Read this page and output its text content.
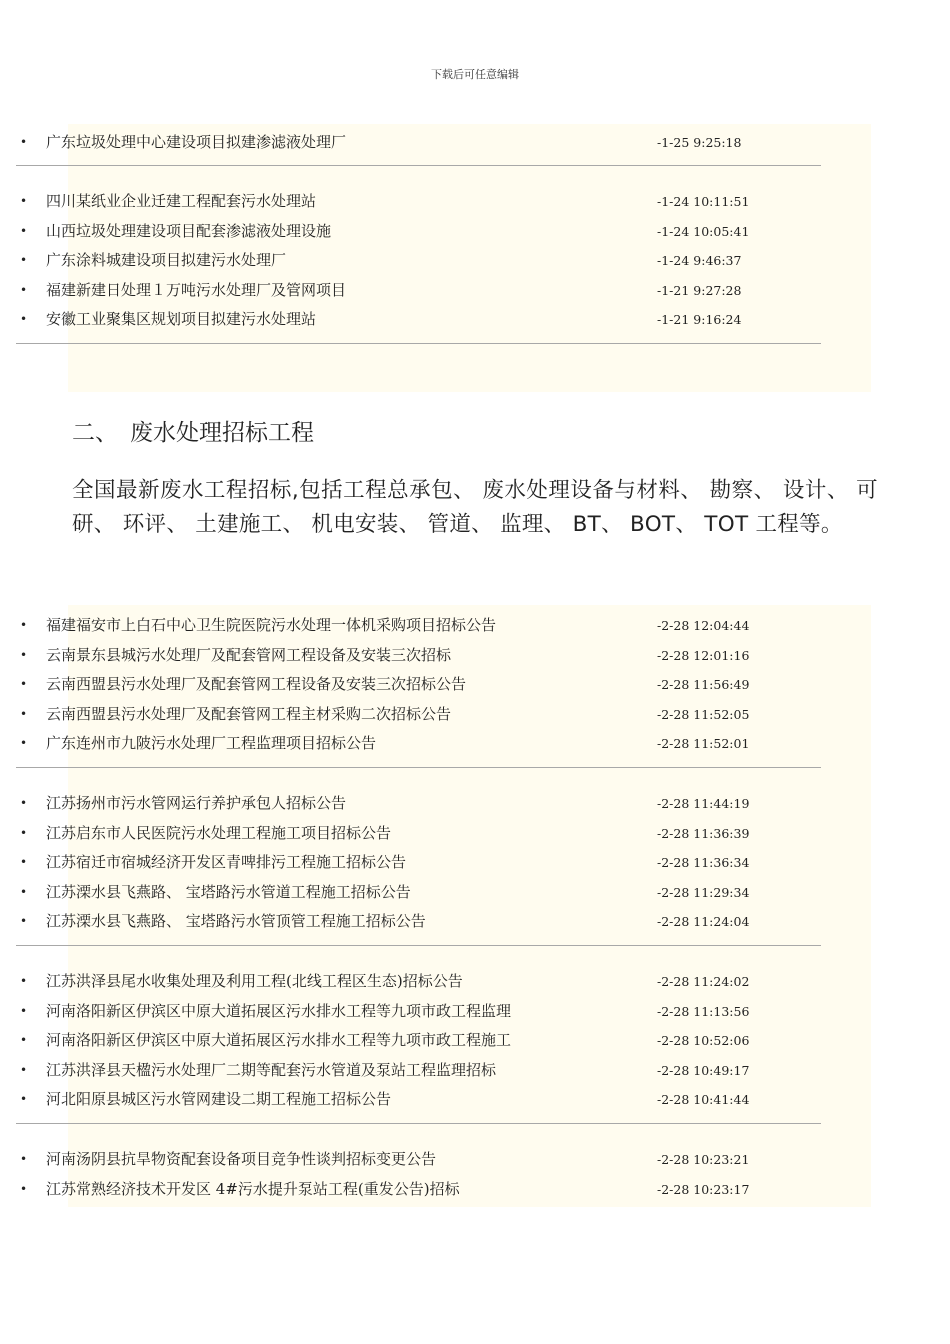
下载后可任意编辑
• 广东垃圾处理中心建设项目拟建渗滤液处理厂	-1-25 9:25:18
• 四川某纸业企业迁建工程配套污水处理站	-1-24 10:11:51
• 山西垃圾处理建设项目配套渗滤液处理设施	-1-24 10:05:41
• 广东涂料城建设项目拟建污水处理厂	-1-24 9:46:37
• 福建新建日处理１万吨污水处理厂及管网项目	-1-21 9:27:28
• 安徽工业聚集区规划项目拟建污水处理站	-1-21 9:16:24
二、 废水处理招标工程
全国最新废水工程招标,包括工程总承包、 废水处理设备与材料、 勘察、 设计、 可研、 环评、 土建施工、 机电安装、 管道、 监理、 BT、 BOT、 TOT 工程等。
• 福建福安市上白石中心卫生院医院污水处理一体机采购项目招标公告	-2-28 12:04:44
• 云南景东县城污水处理厂及配套管网工程设备及安装三次招标	-2-28 12:01:16
• 云南西盟县污水处理厂及配套管网工程设备及安装三次招标公告	-2-28 11:56:49
• 云南西盟县污水处理厂及配套管网工程主材采购二次招标公告	-2-28 11:52:05
• 广东连州市九陂污水处理厂工程监理项目招标公告	-2-28 11:52:01
• 江苏扬州市污水管网运行养护承包人招标公告	-2-28 11:44:19
• 江苏启东市人民医院污水处理工程施工项目招标公告	-2-28 11:36:39
• 江苏宿迁市宿城经济开发区青啤排污工程施工招标公告	-2-28 11:36:34
• 江苏溧水县飞燕路、 宝塔路污水管道工程施工招标公告	-2-28 11:29:34
• 江苏溧水县飞燕路、 宝塔路污水管顶管工程施工招标公告	-2-28 11:24:04
• 江苏洪泽县尾水收集处理及利用工程(北线工程区生态)招标公告	-2-28 11:24:02
• 河南洛阳新区伊滨区中原大道拓展区污水排水工程等九项市政工程监理	-2-28 11:13:56
• 河南洛阳新区伊滨区中原大道拓展区污水排水工程等九项市政工程施工	-2-28 10:52:06
• 江苏洪泽县天楹污水处理厂二期等配套污水管道及泵站工程监理招标	-2-28 10:49:17
• 河北阳原县城区污水管网建设二期工程施工招标公告	-2-28 10:41:44
• 河南汤阴县抗旱物资配套设备项目竞争性谈判招标变更公告	-2-28 10:23:21
• 江苏常熟经济技术开发区 4#污水提升泵站工程(重发公告)招标	-2-28 10:23:17
